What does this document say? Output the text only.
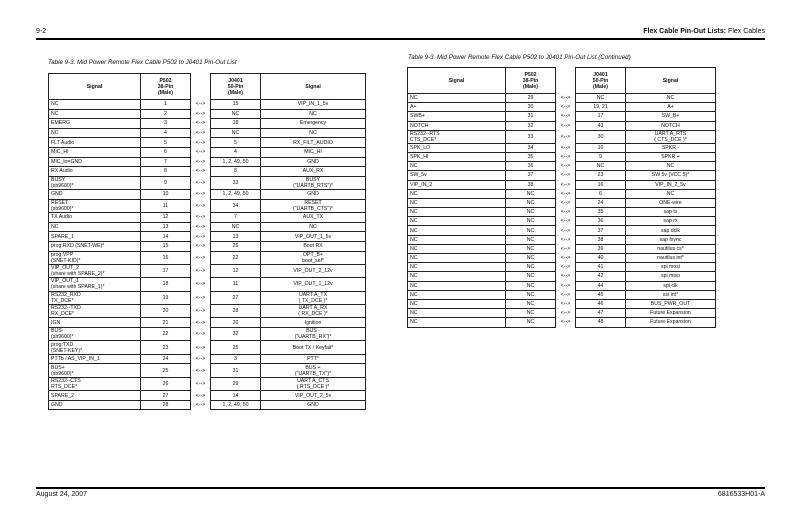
9-2	Flex Cable Pin-Out Lists: Flex Cables
Table 9-3. Mid Power Remote Flex Cable P502 to J0401 Pin-Out List
Signal	P502
38-Pin
(Male)		J0401
50-Pin
(Male)	Signal
NC	1	<-->	15	VIP_IN_1_5v
NC	2	<-->	NC	NC
EMERG	3	<-->	18	Emergency
NC	4	<-->	NC	NC
FLT Audio	5	<-->	5	RX_FILT_AUDIO
MIC_HI	6	<-->	4	MIC_HI
MIC_lo=GND	7	<-->	1, 2, 49, 50	GND
RX Audio	8	<-->	8	AUX_RX
BUSY
(sb9600)*	9	<-->	33	BUSY
("UARTB_RTS")*
GND	10	<-->	1, 2, 49, 50	GND
RESET
(sb9600)*	11	<-->	34	RESET
("UARTB_CTS")*
TX Audio	12	<-->	7	AUX_TX
NC	13	<-->	NC	NC
SPARE_1	14	<-->	13	VIP_OUT_1_5v
prog:RXD (SNET-WE)*	15	<-->	26	Boot RX
prog:VPP
(SNET-KID)*	16	<-->	22	OPT_B+
boot_sel*
VIP_OUT_2
(share with SPARE_2)*	17	<-->	12	VIP_OUT_2_12v
VIP_OUT_1
(share with SPARE_1)*	18	<-->	11	VIP_OUT_1_12v
RS232_RXD
TX_DCE*	19	<-->	27	UART A_TX
( TX_DCE )*
RS232--TXD
RX_DCE*	20	<-->	28	UART A_RX
( RX_DCE )*
IGN	21	<-->	20	Ignition
BUS-
(sb9600)*	22	<-->	32	BUS -
("UARTB_RX")*
prog:TXD
(SNET-KEY)*	23	<-->	25	Boot TX / Keyfail*
PTTb / AS_VIP_IN_1	24	<-->	3	PTT*
BUS+
(sb9600)*	25	<-->	31	BUS +
("UARTB_TX")*
RS232--CTS
RTS_DCE*	26	<-->	29	UART A_CTS
( RTS_DCE )*
SPARE_2	27	<-->	14	VIP_OUT_2_5v
GND	28	<-->	1, 2, 49, 50	GND
Table 9-3. Mid Power Remote Flex Cable P502 to J0401 Pin-Out List (Continued)
Signal	P502
38-Pin
(Male)		J0401
50-Pin
(Male)	Signal
NC	29	<-->	NC	NC
A+	30	<-->	19, 21	A+
SWB+	31	<-->	17	SW_B+
NOTCH	32	<-->	43	NOTCH
RS232--RTS
CTS_DCE*	33	<-->	30	UART A_RTS
( CTS_DCE )*
SPK_LO	34	<-->	10	SPKR -
SPK_HI	35	<-->	9	SPKR +
NC	36	<-->	NC	NC
SW_5v	37	<-->	23	SW 5v (VCC 5)*
VIP_IN_2	38	<-->	16	VIP_IN_2_5v
NC	NC	<-->	6	NC
NC	NC	<-->	24	ONE-wire
NC	NC	<-->	35	sap tx
NC	NC	<-->	36	sap rx
NC	NC	<-->	37	sap dclk
NC	NC	<-->	38	sap fsync
NC	NC	<-->	39	nautilus cs*
NC	NC	<-->	40	nautilus int*
NC	NC	<-->	41	spi mosi
NC	NC	<-->	42	spi miso
NC	NC	<-->	44	spi clk
NC	NC	<-->	45	ssi int*
NC	NC	<-->	46	BUS_PWR_OUT
NC	NC	<-->	47	Future Expansion
NC	NC	<-->	48	Future Expansion
August 24, 2007	6816533H01-A
